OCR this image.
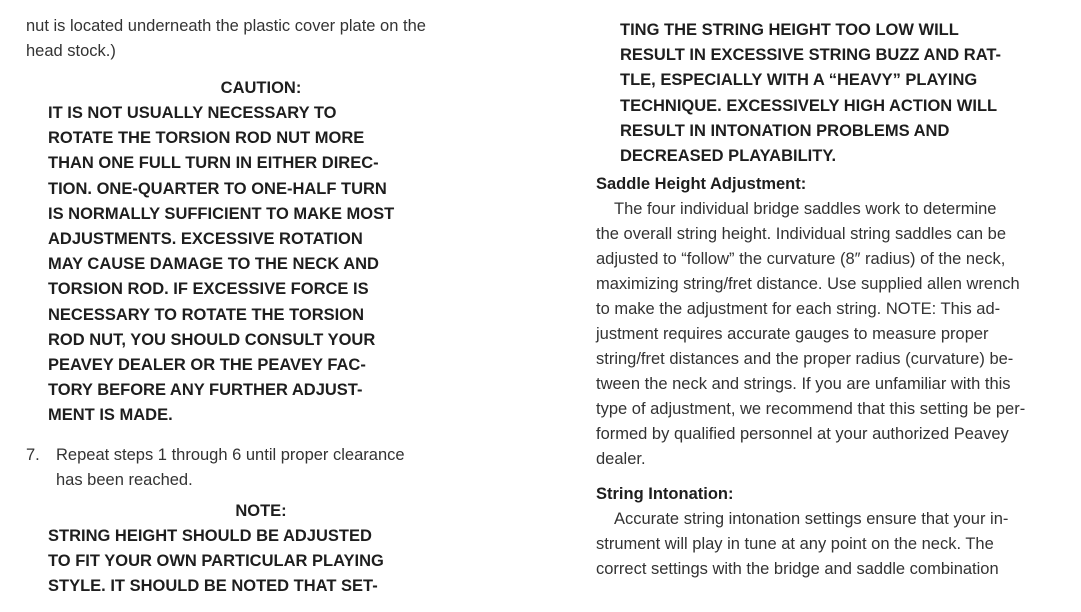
nut is located underneath the plastic cover plate on the

head stock.)

CAUTION:

IT IS NOT USUALLY NECESSARY TO

ROTATE THE TORSION ROD NUT MORE

THAN ONE FULL TURN IN EITHER DIREC-

TION. ONE-QUARTER TO ONE-HALF TURN

IS NORMALLY SUFFICIENT TO MAKE MOST

ADJUSTMENTS. EXCESSIVE ROTATION

MAY CAUSE DAMAGE TO THE NECK AND

TORSION ROD. IF EXCESSIVE FORCE IS

NECESSARY TO ROTATE THE TORSION

ROD NUT, YOU SHOULD CONSULT YOUR

PEAVEY DEALER OR THE PEAVEY FAC-

TORY BEFORE ANY FURTHER ADJUST-

MENT IS MADE.

7. Repeat steps 1 through 6 until proper clearance

has been reached.

NOTE:

STRING HEIGHT SHOULD BE ADJUSTED

TO FIT YOUR OWN PARTICULAR PLAYING

STYLE. IT SHOULD BE NOTED THAT SET-

TING THE STRING HEIGHT TOO LOW WILL

RESULT IN EXCESSIVE STRING BUZZ AND RAT-

TLE, ESPECIALLY WITH A “HEAVY” PLAYING

TECHNIQUE. EXCESSIVELY HIGH ACTION WILL

RESULT IN INTONATION PROBLEMS AND

DECREASED PLAYABILITY.

Saddle Height Adjustment:

The four individual bridge saddles work to determine

the overall string height. Individual string saddles can be

adjusted to “follow” the curvature (8″ radius) of the neck,

maximizing string/fret distance. Use supplied allen wrench

to make the adjustment for each string. NOTE: This ad-

justment requires accurate gauges to measure proper

string/fret distances and the proper radius (curvature) be-

tween the neck and strings. If you are unfamiliar with this

type of adjustment, we recommend that this setting be per-

formed by qualified personnel at your authorized Peavey

dealer.

String Intonation:

Accurate string intonation settings ensure that your in-

strument will play in tune at any point on the neck. The

correct settings with the bridge and saddle combination
